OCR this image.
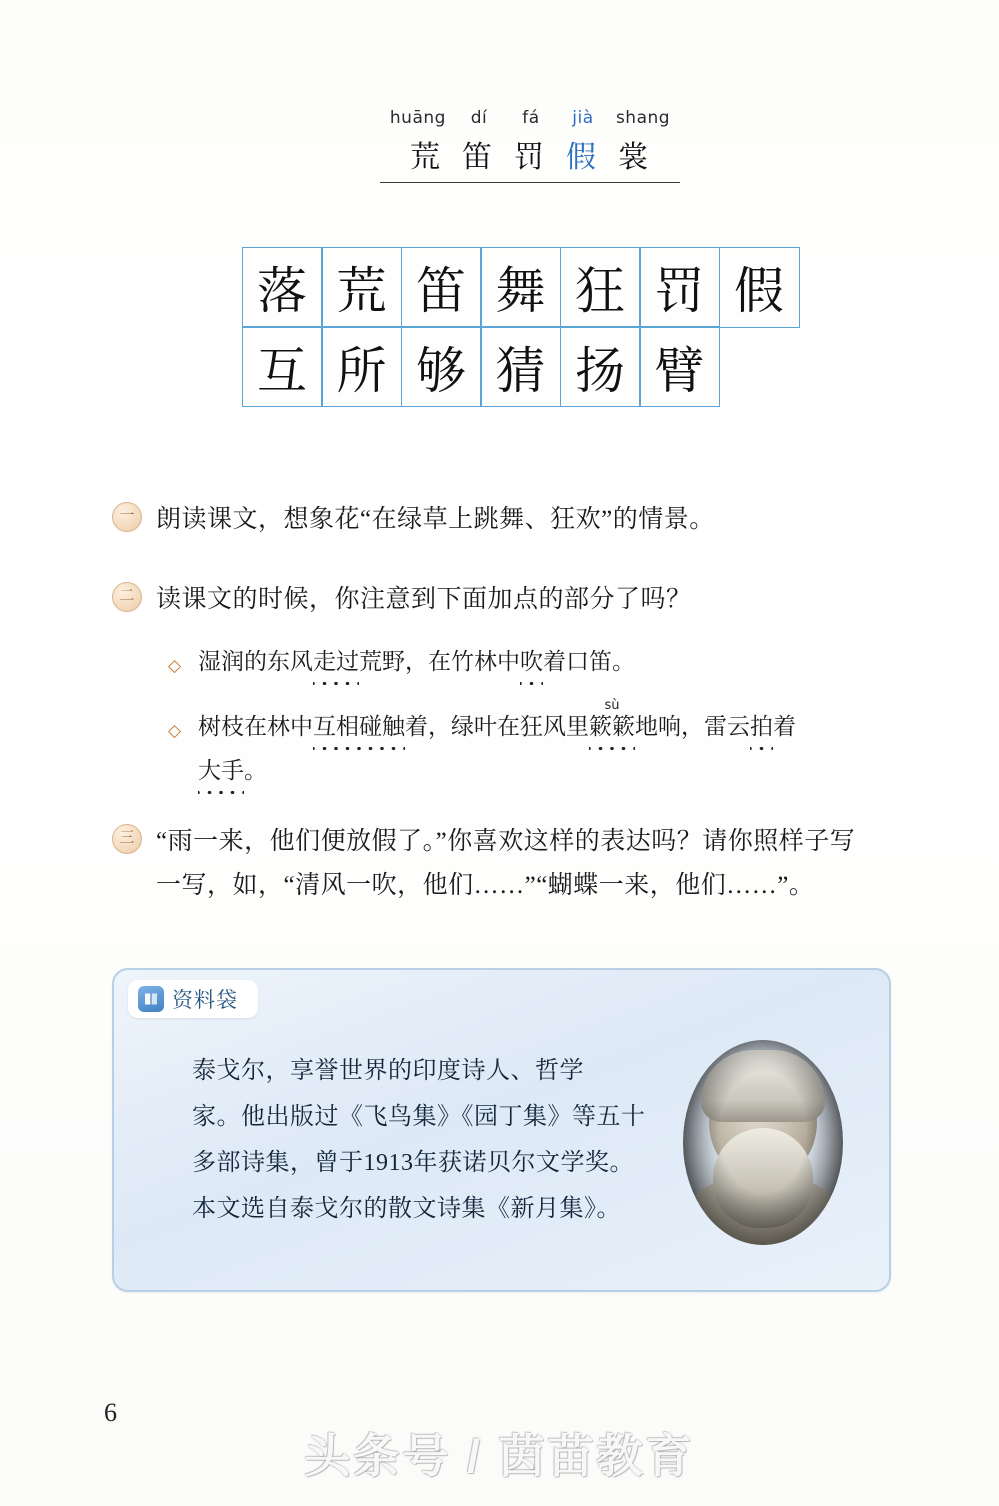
huāng	dí	fá	jià	shang
荒 笛 罚 假 裳
落 荒 笛 舞 狂 罚 假
互 所 够 猜 扬 臂
一 朗读课文，想象花“在绿草上跳舞、狂欢”的情景。
二 读课文的时候，你注意到下面加点的部分了吗？
◇ 湿润的东风走过荒野，在竹林中吹着口笛。
◇ 树枝在林中互相碰触着，绿叶在狂风里
sù
簌簌地响，雷云拍着
大手。
三 “雨一来，他们便放假了。”你喜欢这样的表达吗？请你照样子写
一写，如，“清风一吹，他们……”“蝴蝶一来，他们……”。
资料袋
泰戈尔，享誉世界的印度诗人、哲学
家。他出版过《飞鸟集》《园丁集》等五十
多部诗集，曾于1913年获诺贝尔文学奖。
本文选自泰戈尔的散文诗集《新月集》。
6
头条号 / 茵苗教育
